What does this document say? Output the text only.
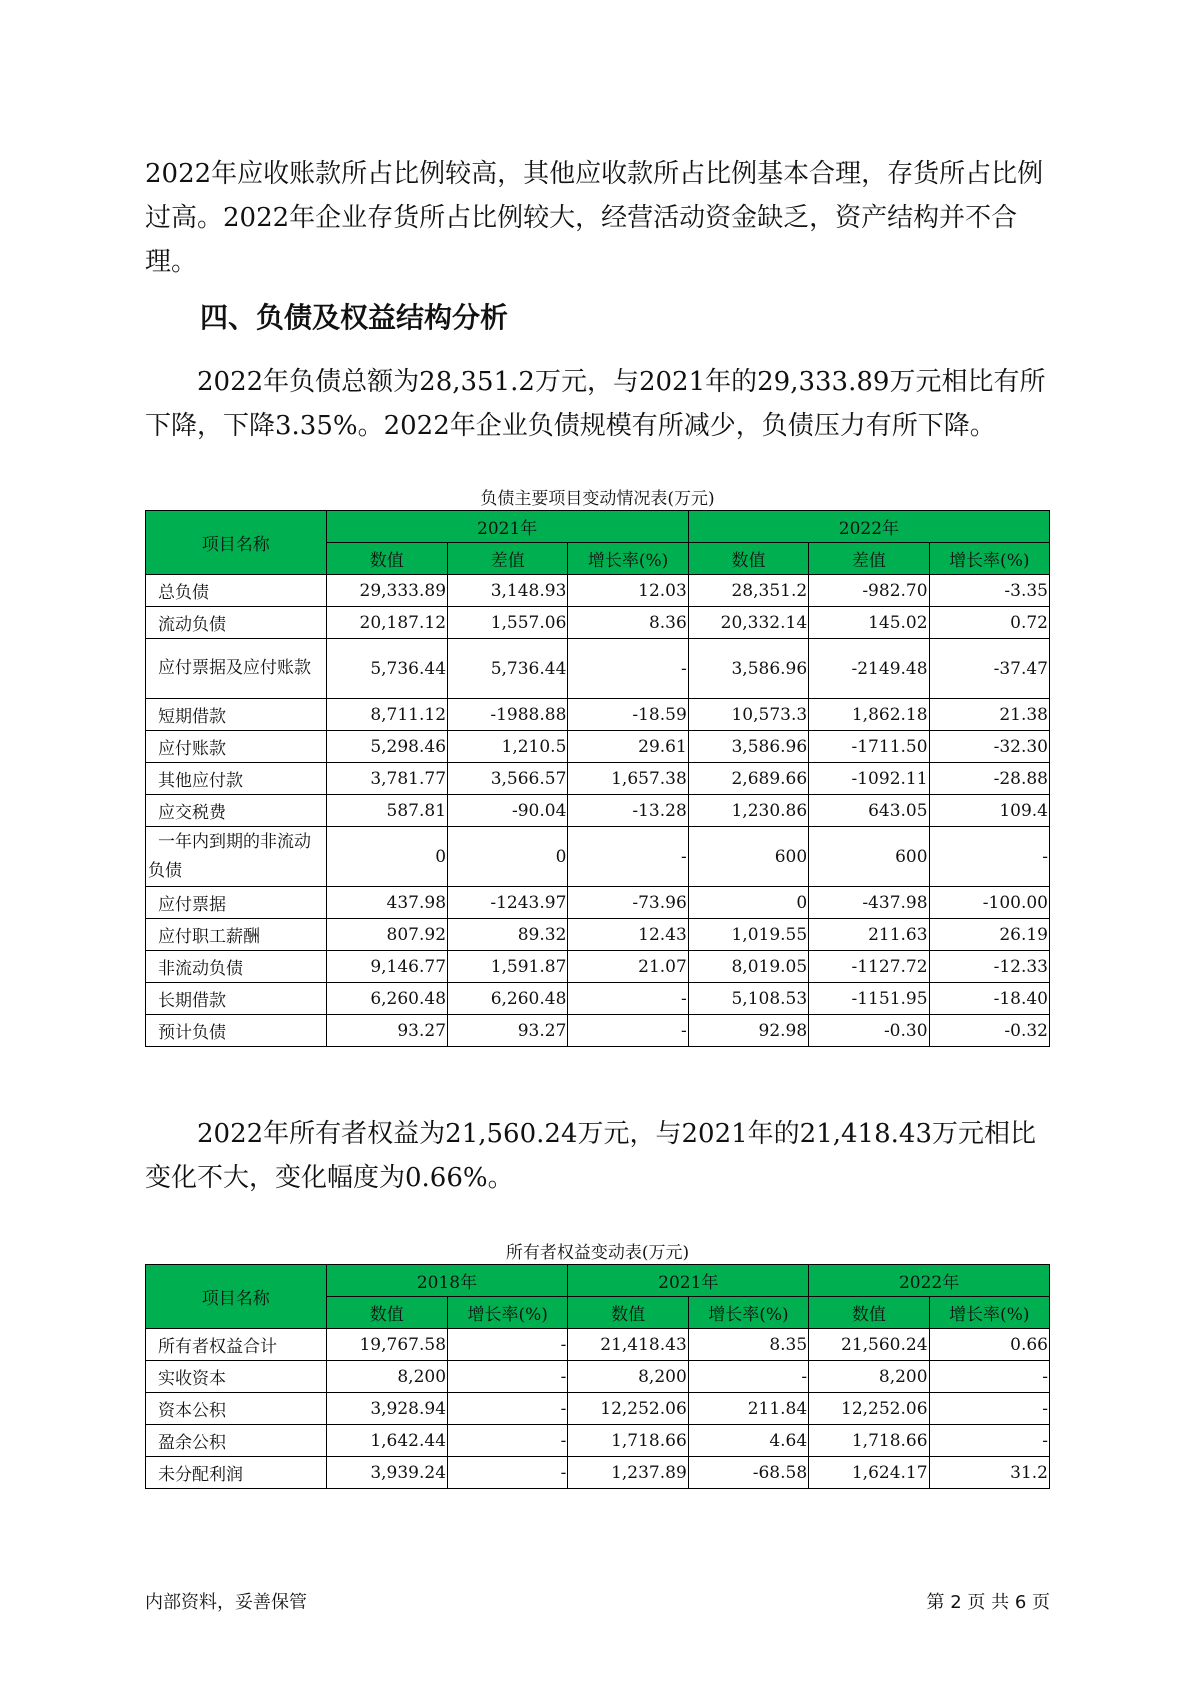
2022年应收账款所占比例较高，其他应收款所占比例基本合理，存货所占比例过高。2022年企业存货所占比例较大，经营活动资金缺乏，资产结构并不合理。

四、负债及权益结构分析

2022年负债总额为28,351.2万元，与2021年的29,333.89万元相比有所下降，下降3.35%。2022年企业负债规模有所减少，负债压力有所下降。

负债主要项目变动情况表(万元)
项目名称	2021年			2022年		
	数值	差值	增长率(%)	数值	差值	增长率(%)
总负债	29,333.89	3,148.93	12.03	28,351.2	-982.70	-3.35
流动负债	20,187.12	1,557.06	8.36	20,332.14	145.02	0.72
应付票据及应付账款	5,736.44	5,736.44	-	3,586.96	-2149.48	-37.47
短期借款	8,711.12	-1988.88	-18.59	10,573.3	1,862.18	21.38
应付账款	5,298.46	1,210.5	29.61	3,586.96	-1711.50	-32.30
其他应付款	3,781.77	3,566.57	1,657.38	2,689.66	-1092.11	-28.88
应交税费	587.81	-90.04	-13.28	1,230.86	643.05	109.4
一年内到期的非流动负债	0	0	-	600	600	-
应付票据	437.98	-1243.97	-73.96	0	-437.98	-100.00
应付职工薪酬	807.92	89.32	12.43	1,019.55	211.63	26.19
非流动负债	9,146.77	1,591.87	21.07	8,019.05	-1127.72	-12.33
长期借款	6,260.48	6,260.48	-	5,108.53	-1151.95	-18.40
预计负债	93.27	93.27	-	92.98	-0.30	-0.32

2022年所有者权益为21,560.24万元，与2021年的21,418.43万元相比变化不大，变化幅度为0.66%。

所有者权益变动表(万元)
项目名称	2018年		2021年		2022年	
	数值	增长率(%)	数值	增长率(%)	数值	增长率(%)
所有者权益合计	19,767.58	-	21,418.43	8.35	21,560.24	0.66
实收资本	8,200	-	8,200	-	8,200	-
资本公积	3,928.94	-	12,252.06	211.84	12,252.06	-
盈余公积	1,642.44	-	1,718.66	4.64	1,718.66	-
未分配利润	3,939.24	-	1,237.89	-68.58	1,624.17	31.2
内部资料，妥善保管	第 2 页 共 6 页
